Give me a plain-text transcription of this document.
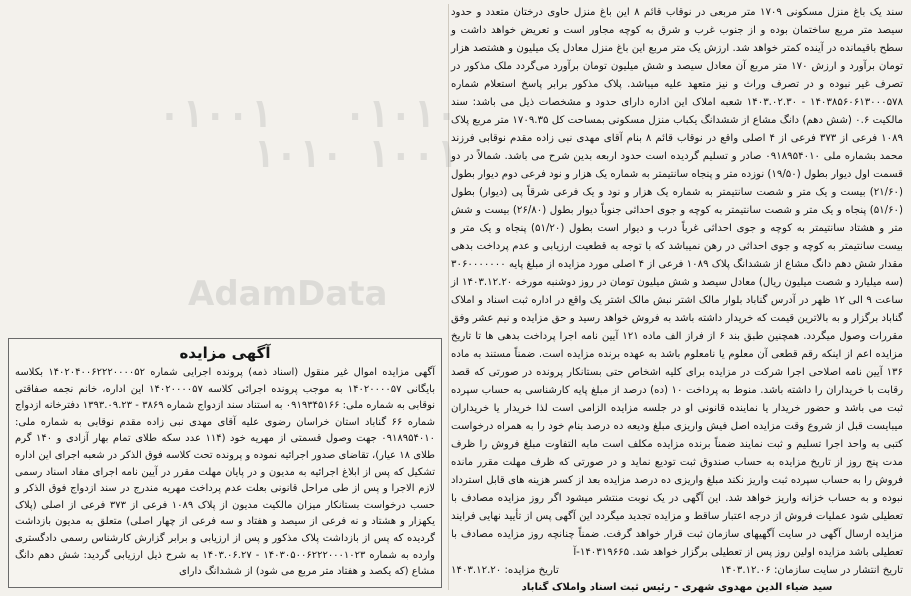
سند یک باغ منزل مسکونی ۱۷۰۹ متر مربعی در نوقاب قائم ۸ این باغ منزل حاوی درختان متعدد و حدود سیصد متر مربع ساختمان بوده و از جنوب غرب و شرق به کوچه مجاور است و تعریض خواهد داشت و سطح باقیمانده در آینده کمتر خواهد شد. ارزش یک متر مربع این باغ منزل معادل یک میلیون و هشتصد هزار تومان برآورد و ارزش ۱۷۰ متر مربع آن معادل سیصد و شش میلیون تومان برآورد می‌گردد ملک مذکور در تصرف غیر نبوده و در تصرف وراث و نیز متعهد علیه میباشد. پلاک مذکور برابر پاسخ استعلام شماره ۱۴۰۳۸۵۶۰۶۱۳۰۰۰۵۷۸ - ۱۴۰۳.۰۲.۳۰ شعبه املاک این اداره دارای حدود و مشخصات ذیل می باشد: سند مالکیت ۰.۶ (شش دهم) دانگ مشاع از ششدانگ یکباب منزل مسکونی بمساحت کل ۱۷۰۹.۳۵ متر مربع پلاک ۱۰۸۹ فرعی از ۳۷۳ فرعی از ۴ اصلی واقع در نوقاب قائم ۸ بنام آقای مهدی نبی زاده مقدم نوقابی فرزند محمد بشماره ملی ۰۹۱۸۹۵۴۰۱۰ صادر و تسلیم گردیده است حدود اربعه بدین شرح می باشد. شمالاً در دو قسمت اول دیوار بطول (۱۹/۵۰) نوزده متر و پنجاه سانتیمتر به شماره یک هزار و نود فرعی دوم دیوار بطول (۲۱/۶۰) بیست و یک متر و شصت سانتیمتر به شماره یک هزار و نود و یک فرعی شرقاً پی (دیوار) بطول (۵۱/۶۰) پنجاه و یک متر و شصت سانتیمتر به کوچه و جوی احداثی جنوباً دیوار بطول (۲۶/۸۰) بیست و شش متر و هشتاد سانتیمتر به کوچه و جوی احداثی غرباً درب و دیوار است بطول (۵۱/۲۰) پنجاه و یک متر و بیست سانتیمتر به کوچه و جوی احداثی در رهن نمیباشد که با توجه به قطعیت ارزیابی و عدم پرداخت بدهی مقدار شش دهم دانگ مشاع از ششدانگ پلاک ۱۰۸۹ فرعی از ۴ اصلی مورد مزایده از مبلغ پایه ۳۰۶۰۰۰۰۰۰۰ (سه میلیارد و شصت میلیون ریال) معادل سیصد و شش میلیون تومان در روز دوشنبه مورخه ۱۴۰۳.۱۲.۲۰ از ساعت ۹ الی ۱۲ ظهر در آدرس گناباد بلوار مالک اشتر نبش مالک اشتر یک واقع در اداره ثبت اسناد و املاک گناباد برگزار و به بالاترین قیمت که خریدار داشته باشد به فروش خواهد رسید و حق مزایده و نیم عشر وفق مقررات وصول میگردد. همچنین طبق بند ۶ از فراز الف ماده ۱۲۱ آیین نامه اجرا پرداخت بدهی ها تا تاریخ مزایده اعم از اینکه رقم قطعی آن معلوم یا نامعلوم باشد به عهده برنده مزایده است. ضمناً مستند به ماده ۱۳۶ آیین نامه اصلاحی اجرا شرکت در مزایده برای کلیه اشخاص حتی بستانکار پرونده در صورتی که قصد رقابت با خریداران را داشته باشد. منوط به پرداخت ۱۰ (ده) درصد از مبلغ پایه کارشناسی به حساب سپرده ثبت می باشد و حضور خریدار یا نماینده قانونی او در جلسه مزایده الزامی است لذا خریدار یا خریداران میبایست قبل از شروع وقت مزایده اصل فیش واریزی مبلغ ودیعه ده درصد بنام خود را به همراه درخواست کتبی به واحد اجرا تسلیم و ثبت نمایند ضمناً برنده مزایده مکلف است مابه التفاوت مبلغ فروش را ظرف مدت پنج روز از تاریخ مزایده به حساب صندوق ثبت تودیع نماید و در صورتی که ظرف مهلت مقرر مانده فروش را به حساب سپرده ثبت واریز نکند مبلغ واریزی ده درصد مزایده بعد از کسر هزینه های قابل استرداد نبوده و به حساب خزانه واریز خواهد شد. این آگهی در یک نوبت منتشر میشود اگر روز مزایده مصادف با تعطیلی شود عملیات فروش از درجه اعتبار ساقط و مزایده تجدید میگردد این آگهی پس از تأیید نهایی فرایند مزایده ارسال آگهی در سایت آگهیهای سازمان ثبت قرار خواهد گرفت. ضمناً چنانچه روز مزایده مصادف با تعطیلی باشد مزایده اولین روز پس از تعطیلی برگزار خواهد شد. ۱۴۰۳۱۹۶۶۵-آ

تاریخ انتشار در سایت سازمان: ۱۴۰۳.۱۲.۰۶
تاریخ مزایده: ۱۴۰۳.۱۲.۲۰

سید ضیاء الدین مهدوی شهری - رئیس ثبت اسناد واملاک گناباد

۰۱۰۱۰ ۰۱۰۰۱ ۱۰۰۱ ۱۰۱۰
AdamData

آگهی مزایده

آگهی مزایده اموال غیر منقول (اسناد ذمه) پرونده اجرایی شماره ۱۴۰۲۰۴۰۰۶۲۲۲۰۰۰۰۵۲ بکلاسه بایگانی ۱۴۰۲۰۰۰۰۵۷ به موجب پرونده اجرائی کلاسه ۱۴۰۲۰۰۰۰۵۷ این اداره، خانم نجمه صفاقتی نوقابی به شماره ملی: ۰۹۱۹۳۴۵۱۶۶ به استناد سند ازدواج شماره ۳۸۶۹ - ۱۳۹۳.۰۹.۲۳ دفترخانه ازدواج شماره ۶۶ گناباد استان خراسان رضوی علیه آقای مهدی نبی زاده مقدم نوقابی به شماره ملی: ۰۹۱۸۹۵۴۰۱۰ جهت وصول قسمتی از مهریه خود (۱۱۴ عدد سکه طلای تمام بهار آزادی و ۱۴۰ گرم طلای ۱۸ عیار)، تقاضای صدور اجرائیه نموده و پرونده تحت کلاسه فوق الذکر در شعبه اجرای این اداره تشکیل که پس از ابلاغ اجرائیه به مدیون و در پایان مهلت مقرر در آیین نامه اجرای مفاد اسناد رسمی لازم الاجرا و پس از طی مراحل قانونی بعلت عدم پرداخت مهریه مندرج در سند ازدواج فوق الذکر و حسب درخواست بستانکار میزان مالکیت مدیون از پلاک ۱۰۸۹ فرعی از ۳۷۳ فرعی از اصلی (پلاک یکهزار و هشتاد و نه فرعی از سیصد و هفتاد و سه فرعی از چهار اصلی) متعلق به مدیون بازداشت گردیده که پس از بازداشت پلاک مذکور و پس از ارزیابی و برابر گزارش کارشناس رسمی دادگستری وارده به شماره ۱۴۰۳۰۵۰۰۶۲۲۲۰۰۰۱۰۲۳ - ۱۴۰۳.۰۶.۲۷ به شرح ذیل ارزیابی گردید: شش دهم دانگ مشاع (که یکصد و هفتاد متر مربع می شود) از ششدانگ دارای
